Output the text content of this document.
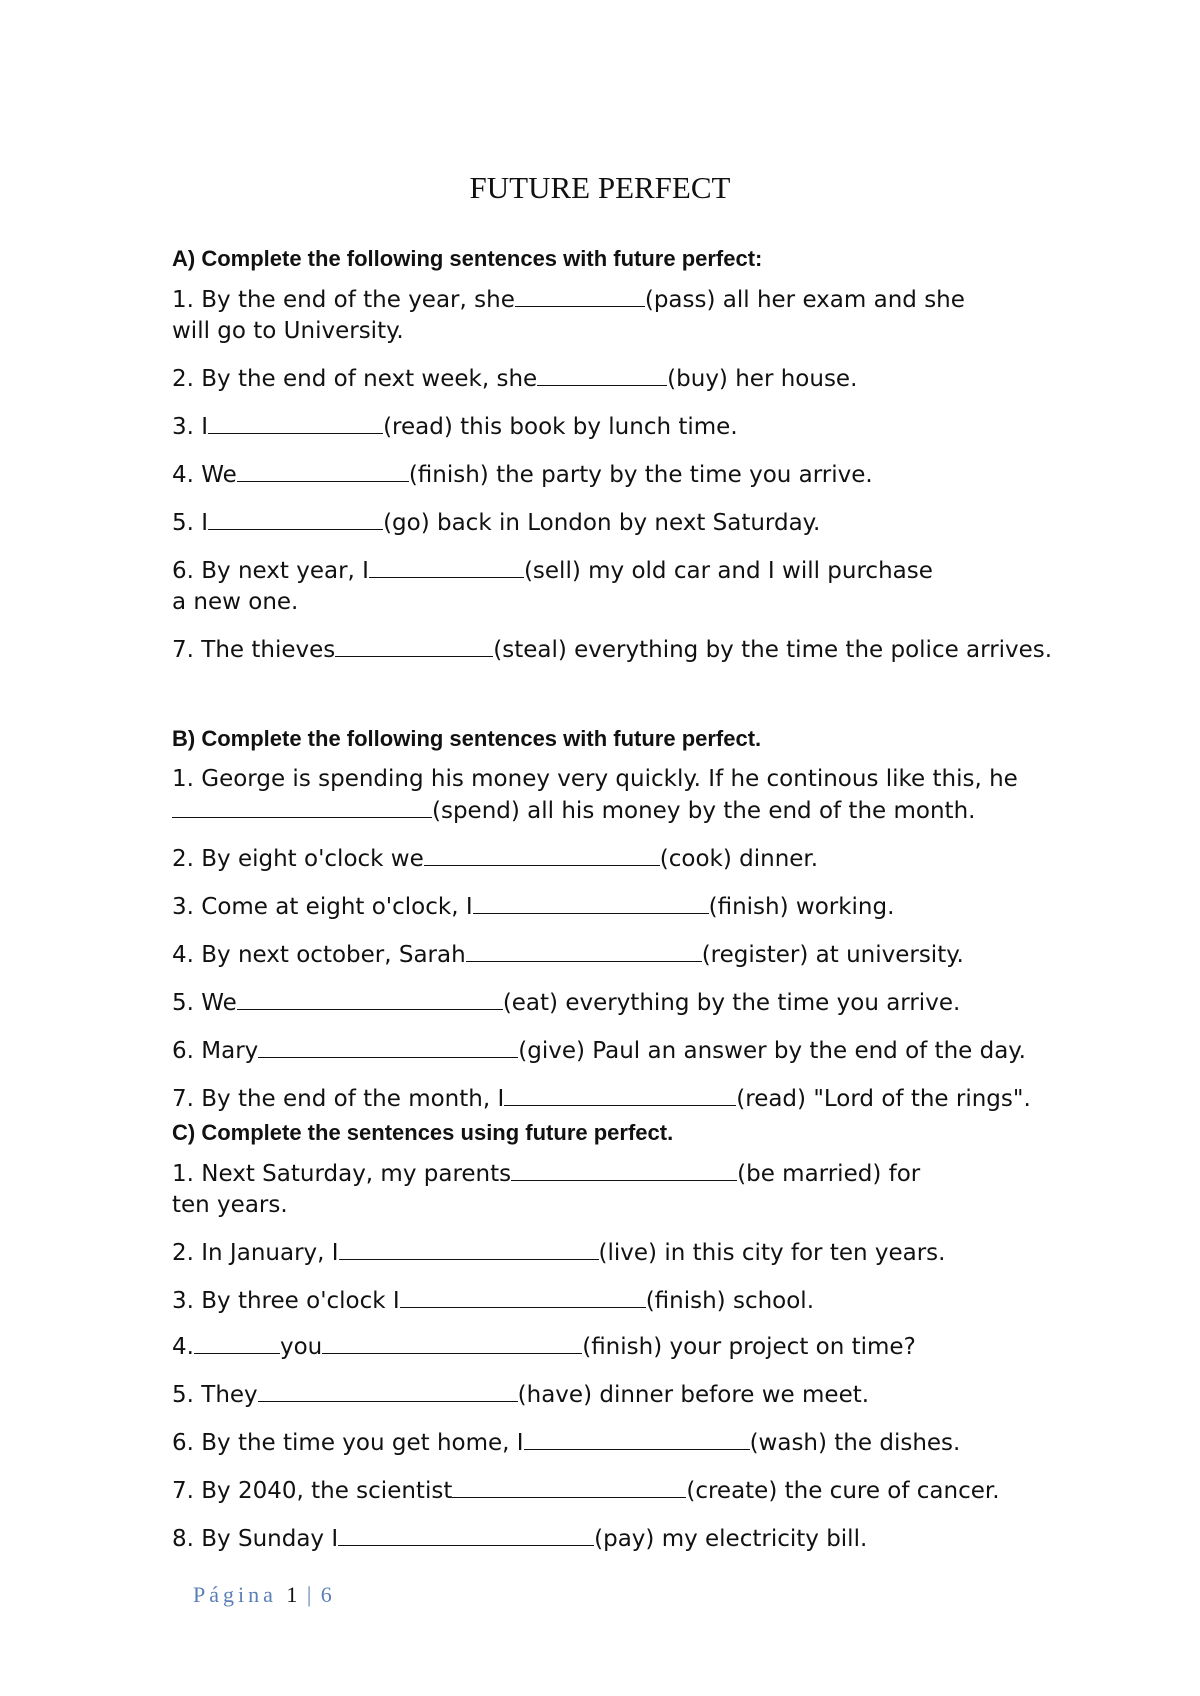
FUTURE PERFECT
A) Complete the following sentences with future perfect:
1. By the end of the year, she	(pass) all her exam and she
will go to University.
2. By the end of next week, she	(buy) her house.
3. I	(read) this book by lunch time.
4. We	(finish) the party by the time you arrive.
5. I	(go) back in London by next Saturday.
6. By next year, I	(sell) my old car and I will purchase
a new one.
7. The thieves	(steal) everything by the time the police arrives.
B) Complete the following sentences with future perfect.
1. George is spending his money very quickly. If he continous like this, he
(spend) all his money by the end of the month.
2. By eight o'clock we	(cook) dinner.
3. Come at eight o'clock, I	(finish) working.
4. By next october, Sarah	(register) at university.
5. We	(eat) everything by the time you arrive.
6. Mary	(give) Paul an answer by the end of the day.
7. By the end of the month, I	(read) "Lord of the rings".
C) Complete the sentences using future perfect.
1. Next Saturday, my parents	(be married) for
ten years.
2. In January, I	(live) in this city for ten years.
3. By three o'clock I	(finish) school.
4.	you	(finish) your project on time?
5. They	(have) dinner before we meet.
6. By the time you get home, I	(wash) the dishes.
7. By 2040, the scientist	(create) the cure of cancer.
8. By Sunday I	(pay) my electricity bill.
Página 1 | 6
